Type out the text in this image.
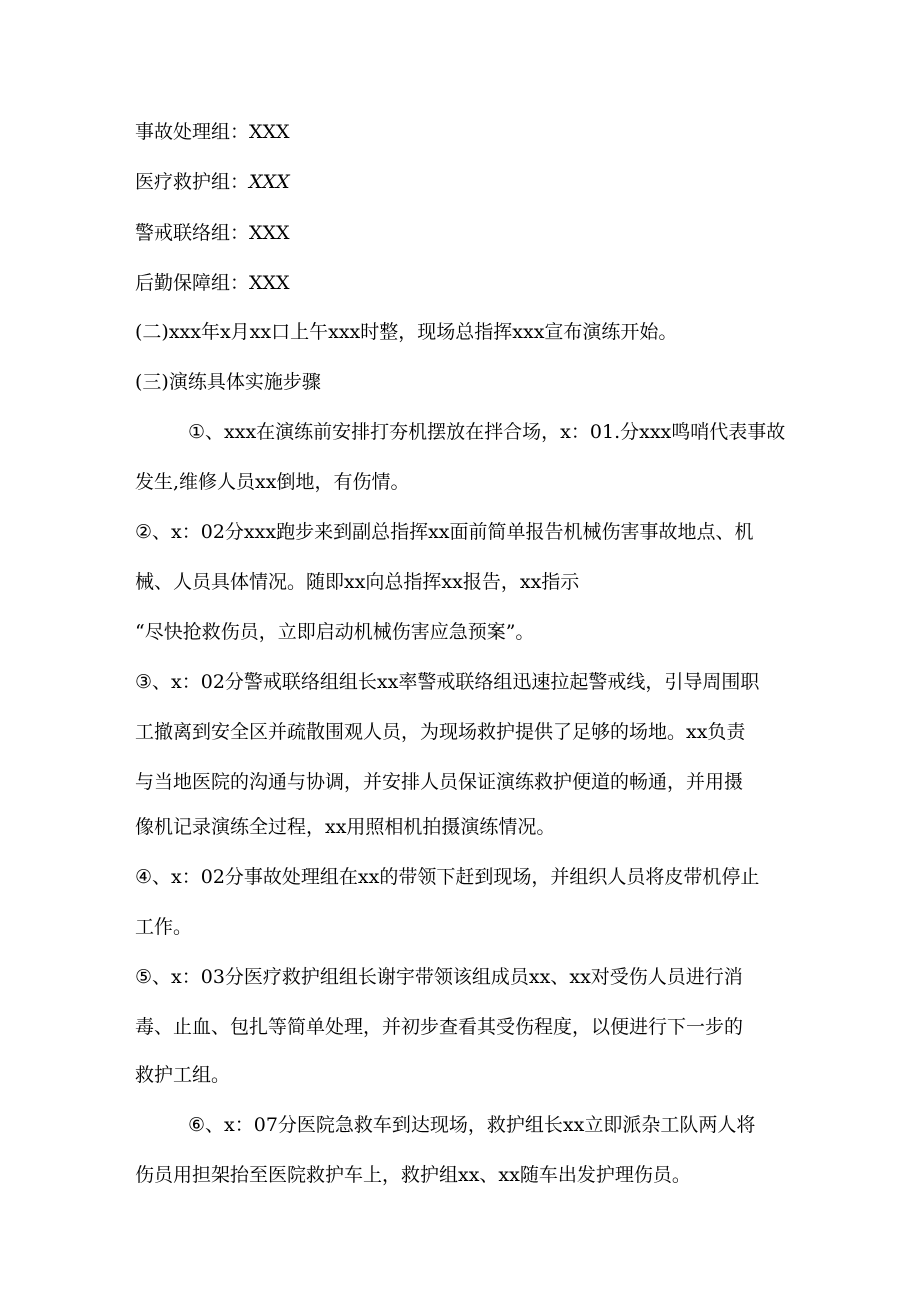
事故处理组：XXX
医疗救护组：XXX
警戒联络组：XXX
后勤保障组：XXX
(二)xxx年x月xx口上午xxx时整，现场总指挥xxx宣布演练开始。
(三)演练具体实施步骤
①、xxx在演练前安排打夯机摆放在拌合场，x：01.分xxx鸣哨代表事故
发生,维修人员xx倒地，有伤情。
②、x：02分xxx跑步来到副总指挥xx面前简单报告机械伤害事故地点、机
械、人员具体情况。随即xx向总指挥xx报告，xx指示
“尽快抢救伤员，立即启动机械伤害应急预案”。
③、x：02分警戒联络组组长xx率警戒联络组迅速拉起警戒线，引导周围职
工撤离到安全区并疏散围观人员，为现场救护提供了足够的场地。xx负责
与当地医院的沟通与协调，并安排人员保证演练救护便道的畅通，并用摄
像机记录演练全过程，xx用照相机拍摄演练情况。
④、x：02分事故处理组在xx的带领下赶到现场，并组织人员将皮带机停止
工作。
⑤、x：03分医疗救护组组长谢宇带领该组成员xx、xx对受伤人员进行消
毒、止血、包扎等简单处理，并初步查看其受伤程度，以便进行下一步的
救护工组。
⑥、x：07分医院急救车到达现场，救护组长xx立即派杂工队两人将
伤员用担架抬至医院救护车上，救护组xx、xx随车出发护理伤员。
